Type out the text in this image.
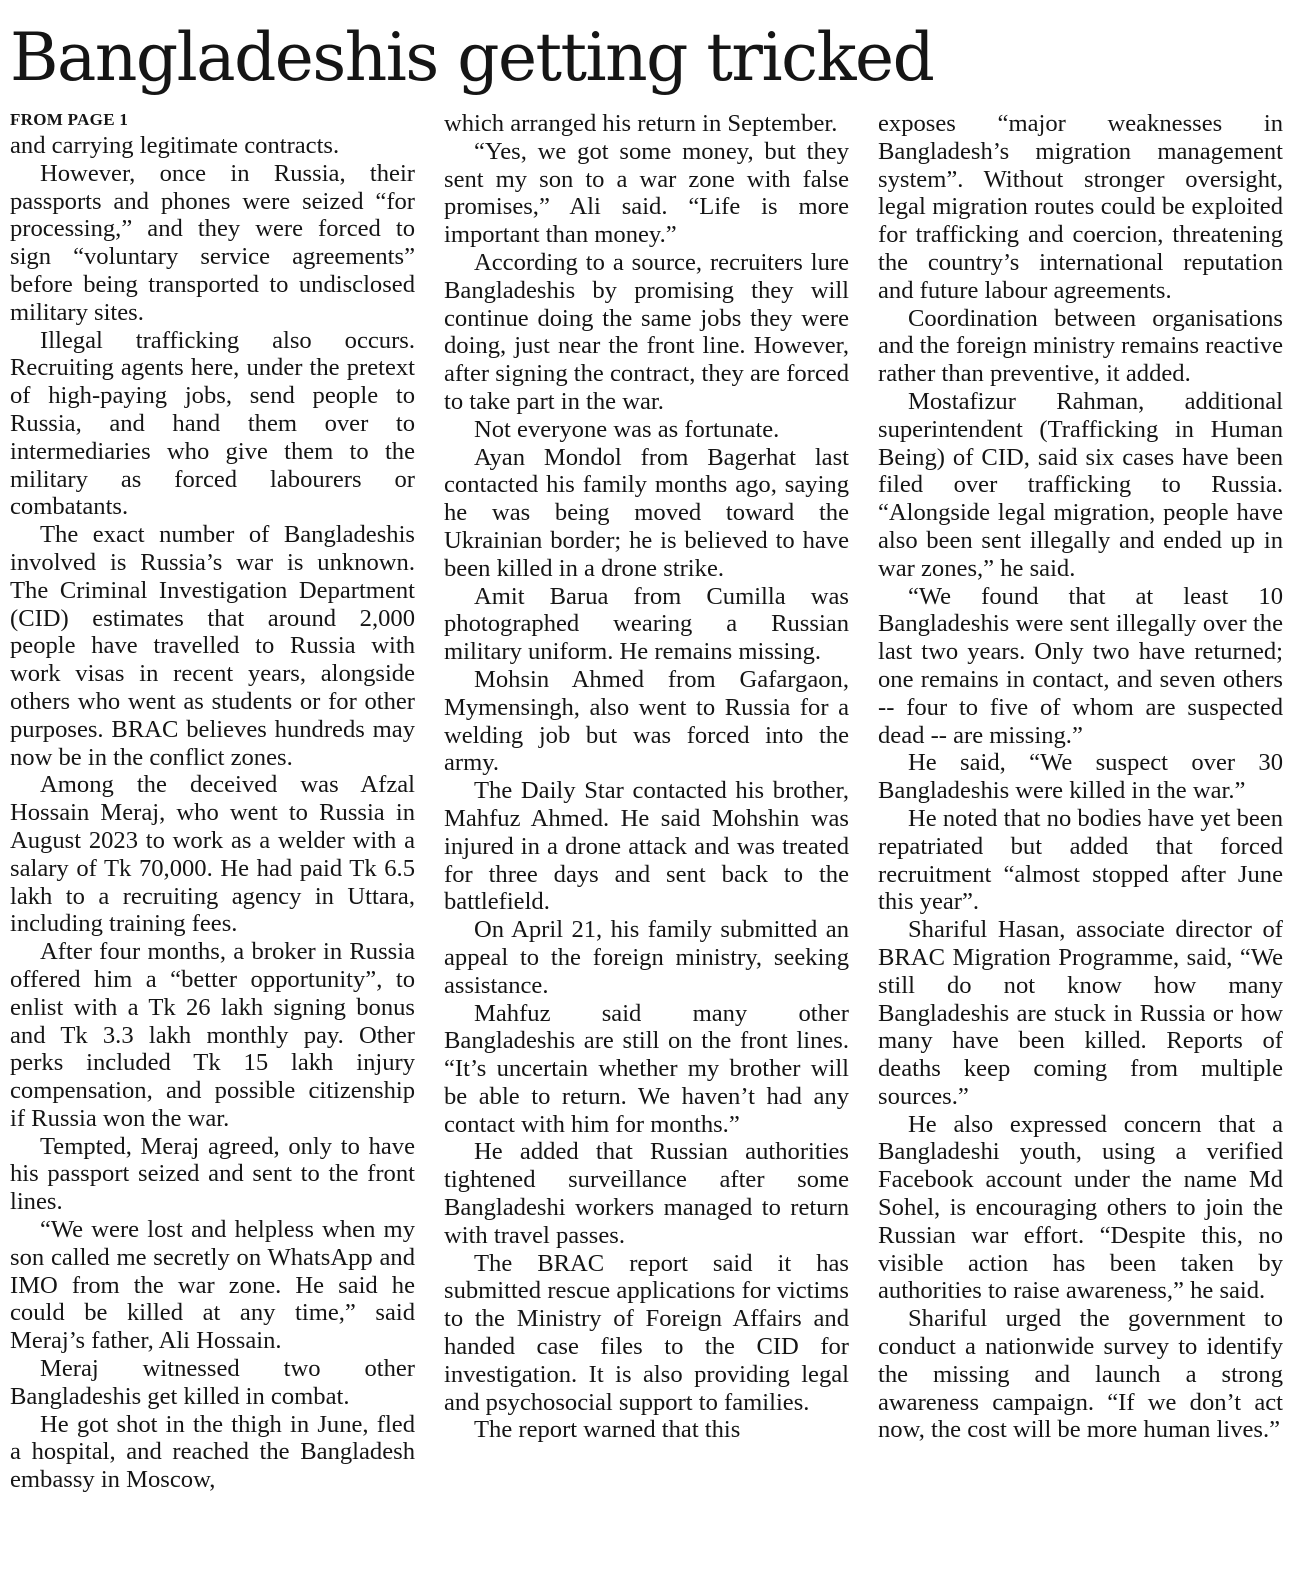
Bangladeshis getting tricked
FROM PAGE 1

and carrying legitimate contracts.

However, once in Russia, their passports and phones were seized “for processing,” and they were forced to sign “voluntary service agreements” before being transported to undisclosed military sites.

Illegal trafficking also occurs. Recruiting agents here, under the pretext of high-paying jobs, send people to Russia, and hand them over to intermediaries who give them to the military as forced labourers or combatants.

The exact number of Bangladeshis involved is Russia’s war is unknown. The Criminal Investigation Department (CID) estimates that around 2,000 people have travelled to Russia with work visas in recent years, alongside others who went as students or for other purposes. BRAC believes hundreds may now be in the conflict zones.

Among the deceived was Afzal Hossain Meraj, who went to Russia in August 2023 to work as a welder with a salary of Tk 70,000. He had paid Tk 6.5 lakh to a recruiting agency in Uttara, including training fees.

After four months, a broker in Russia offered him a “better opportunity”, to enlist with a Tk 26 lakh signing bonus and Tk 3.3 lakh monthly pay. Other perks included Tk 15 lakh injury compensation, and possible citizenship if Russia won the war.

Tempted, Meraj agreed, only to have his passport seized and sent to the front lines.

“We were lost and helpless when my son called me secretly on WhatsApp and IMO from the war zone. He said he could be killed at any time,” said Meraj’s father, Ali Hossain.

Meraj witnessed two other Bangladeshis get killed in combat.

He got shot in the thigh in June, fled a hospital, and reached the Bangladesh embassy in Moscow,

which arranged his return in September.

“Yes, we got some money, but they sent my son to a war zone with false promises,” Ali said. “Life is more important than money.”

According to a source, recruiters lure Bangladeshis by promising they will continue doing the same jobs they were doing, just near the front line. However, after signing the contract, they are forced to take part in the war.

Not everyone was as fortunate.

Ayan Mondol from Bagerhat last contacted his family months ago, saying he was being moved toward the Ukrainian border; he is believed to have been killed in a drone strike.

Amit Barua from Cumilla was photographed wearing a Russian military uniform. He remains missing.

Mohsin Ahmed from Gafargaon, Mymensingh, also went to Russia for a welding job but was forced into the army.

The Daily Star contacted his brother, Mahfuz Ahmed. He said Mohshin was injured in a drone attack and was treated for three days and sent back to the battlefield.

On April 21, his family submitted an appeal to the foreign ministry, seeking assistance.

Mahfuz said many other Bangladeshis are still on the front lines. “It’s uncertain whether my brother will be able to return. We haven’t had any contact with him for months.”

He added that Russian authorities tightened surveillance after some Bangladeshi workers managed to return with travel passes.

The BRAC report said it has submitted rescue applications for victims to the Ministry of Foreign Affairs and handed case files to the CID for investigation. It is also providing legal and psychosocial support to families.

The report warned that this

exposes “major weaknesses in Bangladesh’s migration management system”. Without stronger oversight, legal migration routes could be exploited for trafficking and coercion, threatening the country’s international reputation and future labour agreements.

Coordination between organisations and the foreign ministry remains reactive rather than preventive, it added.

Mostafizur Rahman, additional superintendent (Trafficking in Human Being) of CID, said six cases have been filed over trafficking to Russia. “Alongside legal migration, people have also been sent illegally and ended up in war zones,” he said.

“We found that at least 10 Bangladeshis were sent illegally over the last two years. Only two have returned; one remains in contact, and seven others -- four to five of whom are suspected dead -- are missing.”

He said, “We suspect over 30 Bangladeshis were killed in the war.”

He noted that no bodies have yet been repatriated but added that forced recruitment “almost stopped after June this year”.

Shariful Hasan, associate director of BRAC Migration Programme, said, “We still do not know how many Bangladeshis are stuck in Russia or how many have been killed. Reports of deaths keep coming from multiple sources.”

He also expressed concern that a Bangladeshi youth, using a verified Facebook account under the name Md Sohel, is encouraging others to join the Russian war effort. “Despite this, no visible action has been taken by authorities to raise awareness,” he said.

Shariful urged the government to conduct a nationwide survey to identify the missing and launch a strong awareness campaign. “If we don’t act now, the cost will be more human lives.”
